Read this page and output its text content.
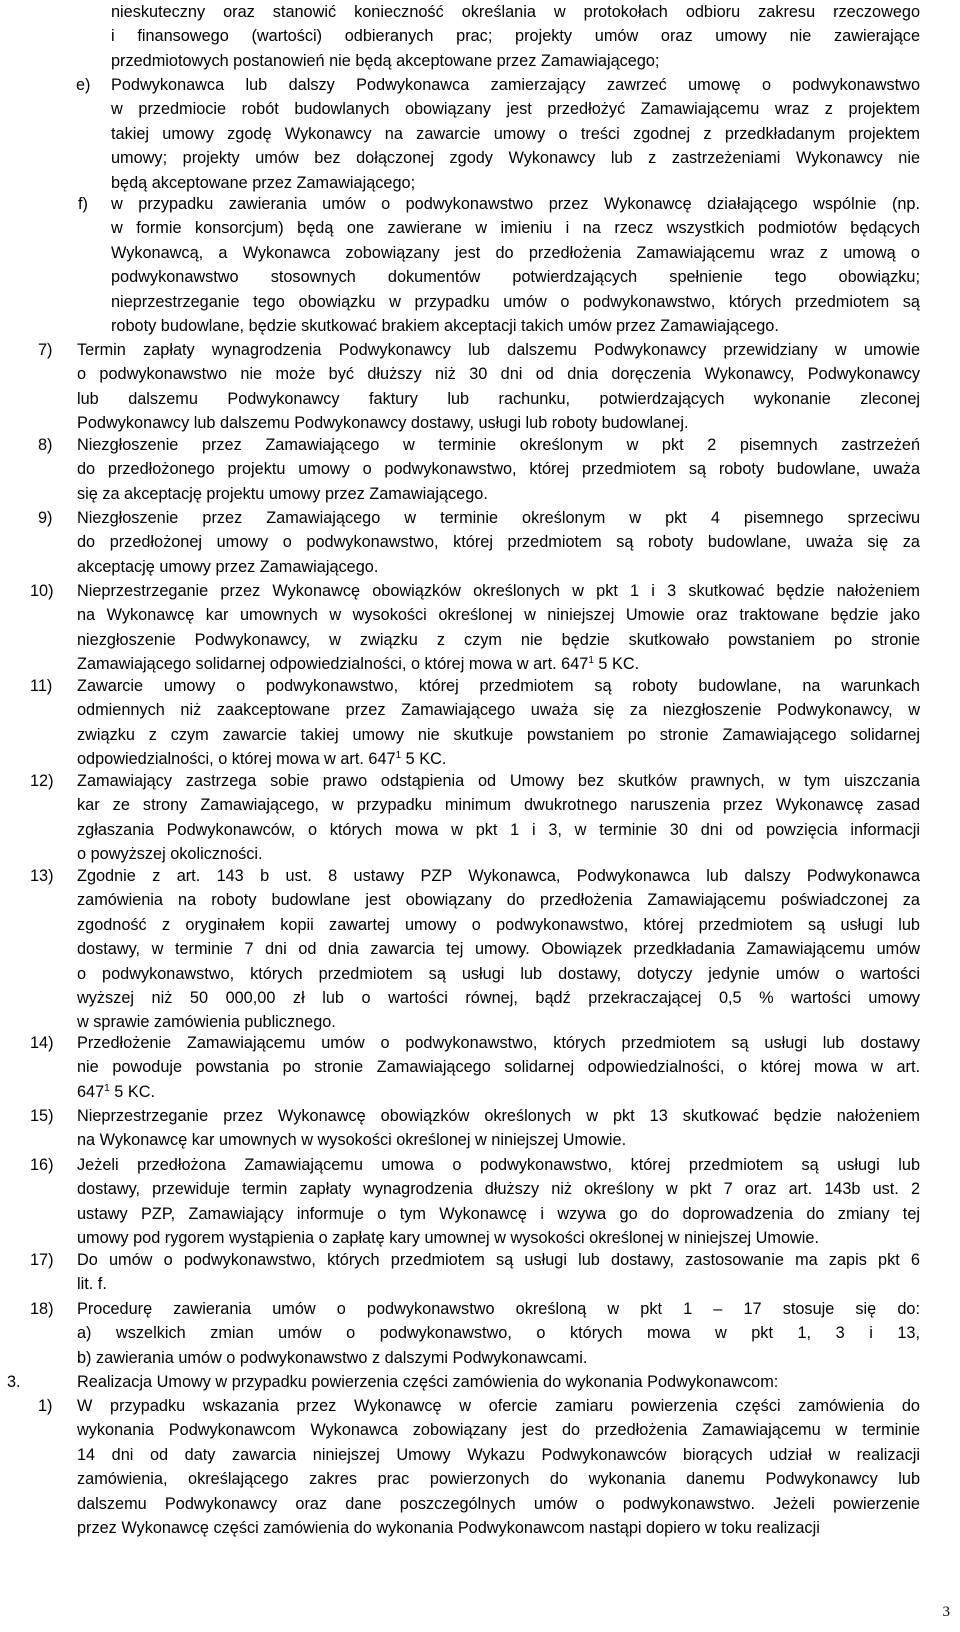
nieskuteczny oraz stanowić konieczność określania w protokołach odbioru zakresu rzeczowego
i finansowego (wartości) odbieranych prac; projekty umów oraz umowy nie zawierające
przedmiotowych postanowień nie będą akceptowane przez Zamawiającego;
e) Podwykonawca lub dalszy Podwykonawca zamierzający zawrzeć umowę o podwykonawstwo
w przedmiocie robót budowlanych obowiązany jest przedłożyć Zamawiającemu wraz z projektem
takiej umowy zgodę Wykonawcy na zawarcie umowy o treści zgodnej z przedkładanym projektem
umowy; projekty umów bez dołączonej zgody Wykonawcy lub z zastrzeżeniami Wykonawcy nie
będą akceptowane przez Zamawiającego;
f) w przypadku zawierania umów o podwykonawstwo przez Wykonawcę działającego wspólnie (np.
w formie konsorcjum) będą one zawierane w imieniu i na rzecz wszystkich podmiotów będących
Wykonawcą, a Wykonawca zobowiązany jest do przedłożenia Zamawiającemu wraz z umową o
podwykonawstwo stosownych dokumentów potwierdzających spełnienie tego obowiązku;
nieprzestrzeganie tego obowiązku w przypadku umów o podwykonawstwo, których przedmiotem są
roboty budowlane, będzie skutkować brakiem akceptacji takich umów przez Zamawiającego.
7) Termin zapłaty wynagrodzenia Podwykonawcy lub dalszemu Podwykonawcy przewidziany w umowie
o podwykonawstwo nie może być dłuższy niż 30 dni od dnia doręczenia Wykonawcy, Podwykonawcy
lub dalszemu Podwykonawcy faktury lub rachunku, potwierdzających wykonanie zleconej
Podwykonawcy lub dalszemu Podwykonawcy dostawy, usługi lub roboty budowlanej.
8) Niezgłoszenie przez Zamawiającego w terminie określonym w pkt 2 pisemnych zastrzeżeń
do przedłożonego projektu umowy o podwykonawstwo, której przedmiotem są roboty budowlane, uważa
się za akceptację projektu umowy przez Zamawiającego.
9) Niezgłoszenie przez Zamawiającego w terminie określonym w pkt 4 pisemnego sprzeciwu
do przedłożonej umowy o podwykonawstwo, której przedmiotem są roboty budowlane, uważa się za
akceptację umowy przez Zamawiającego.
10) Nieprzestrzeganie przez Wykonawcę obowiązków określonych w pkt 1 i 3 skutkować będzie nałożeniem
na Wykonawcę kar umownych w wysokości określonej w niniejszej Umowie oraz traktowane będzie jako
niezgłoszenie Podwykonawcy, w związku z czym nie będzie skutkowało powstaniem po stronie
Zamawiającego solidarnej odpowiedzialności, o której mowa w art. $647^1$ 5 KC.
11) Zawarcie umowy o podwykonawstwo, której przedmiotem są roboty budowlane, na warunkach
odmiennych niż zaakceptowane przez Zamawiającego uważa się za niezgłoszenie Podwykonawcy, w
związku z czym zawarcie takiej umowy nie skutkuje powstaniem po stronie Zamawiającego solidarnej
odpowiedzialności, o której mowa w art. $647^1$ 5 KC.
12) Zamawiający zastrzega sobie prawo odstąpienia od Umowy bez skutków prawnych, w tym uiszczania
kar ze strony Zamawiającego, w przypadku minimum dwukrotnego naruszenia przez Wykonawcę zasad
zgłaszania Podwykonawców, o których mowa w pkt 1 i 3, w terminie 30 dni od powzięcia informacji
o powyższej okoliczności.
13) Zgodnie z art. 143 b ust. 8 ustawy PZP Wykonawca, Podwykonawca lub dalszy Podwykonawca
zamówienia na roboty budowlane jest obowiązany do przedłożenia Zamawiającemu poświadczonej za
zgodność z oryginałem kopii zawartej umowy o podwykonawstwo, której przedmiotem są usługi lub
dostawy, w terminie 7 dni od dnia zawarcia tej umowy. Obowiązek przedkładania Zamawiającemu umów
o podwykonawstwo, których przedmiotem są usługi lub dostawy, dotyczy jedynie umów o wartości
wyższej niż 50 000,00 zł lub o wartości równej, bądź przekraczającej 0,5 % wartości umowy
w sprawie zamówienia publicznego.
14) Przedłożenie Zamawiającemu umów o podwykonawstwo, których przedmiotem są usługi lub dostawy
nie powoduje powstania po stronie Zamawiającego solidarnej odpowiedzialności, o której mowa w art.
$647^1$ 5 KC.
15) Nieprzestrzeganie przez Wykonawcę obowiązków określonych w pkt 13 skutkować będzie nałożeniem
na Wykonawcę kar umownych w wysokości określonej w niniejszej Umowie.
16) Jeżeli przedłożona Zamawiającemu umowa o podwykonawstwo, której przedmiotem są usługi lub
dostawy, przewiduje termin zapłaty wynagrodzenia dłuższy niż określony w pkt 7 oraz art. 143b ust. 2
ustawy PZP, Zamawiający informuje o tym Wykonawcę i wzywa go do doprowadzenia do zmiany tej
umowy pod rygorem wystąpienia o zapłatę kary umownej w wysokości określonej w niniejszej Umowie.
17) Do umów o podwykonawstwo, których przedmiotem są usługi lub dostawy, zastosowanie ma zapis pkt 6
lit. f.
18) Procedurę zawierania umów o podwykonawstwo określoną w pkt 1 – 17 stosuje się do:
a) wszelkich zmian umów o podwykonawstwo, o których mowa w pkt 1, 3 i 13,
b) zawierania umów o podwykonawstwo z dalszymi Podwykonawcami.
3.	Realizacja Umowy w przypadku powierzenia części zamówienia do wykonania Podwykonawcom:
1) W przypadku wskazania przez Wykonawcę w ofercie zamiaru powierzenia części zamówienia do
wykonania Podwykonawcom Wykonawca zobowiązany jest do przedłożenia Zamawiającemu w terminie
14 dni od daty zawarcia niniejszej Umowy Wykazu Podwykonawców biorących udział w realizacji
zamówienia, określającego zakres prac powierzonych do wykonania danemu Podwykonawcy lub
dalszemu Podwykonawcy oraz dane poszczególnych umów o podwykonawstwo. Jeżeli powierzenie
przez Wykonawcę części zamówienia do wykonania Podwykonawcom nastąpi dopiero w toku realizacji
3
